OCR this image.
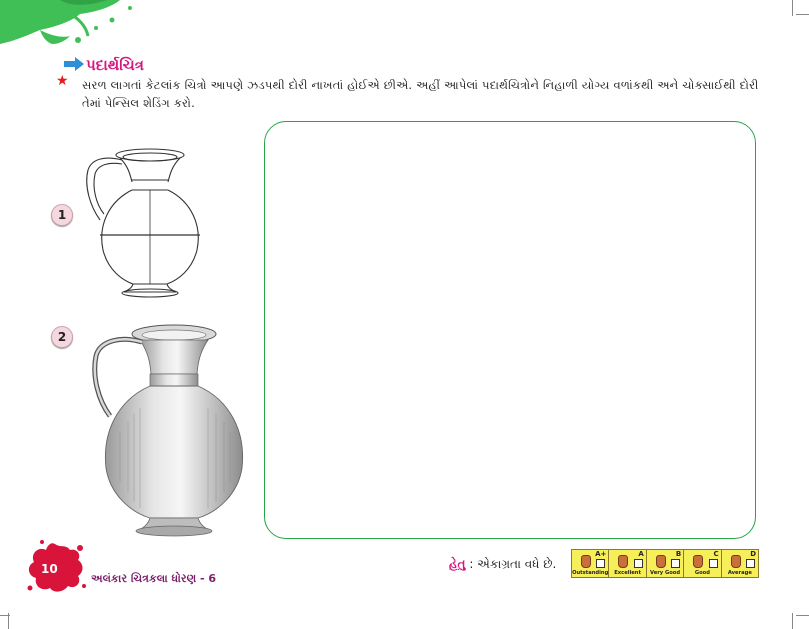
પદાર્થચિત્ર
★ સરળ લાગતાં કેટલાંક ચિત્રો આપણે ઝડપથી દોરી નાખતાં હોઈએ છીએ. અહીં આપેલાં પદાર્થચિત્રોને નિહાળી યોગ્ય વળાંકથી અને ચોક્સાઈથી દોરી તેમાં પેન્સિલ શેડિંગ કરો.
1
2
10
અલંકાર ચિત્રકલા ધોરણ - 6
હેતુ : એકાગ્રતા વધે છે.
A+
Outstanding
A
Excellent
B
Very Good
C
Good
D
Average
